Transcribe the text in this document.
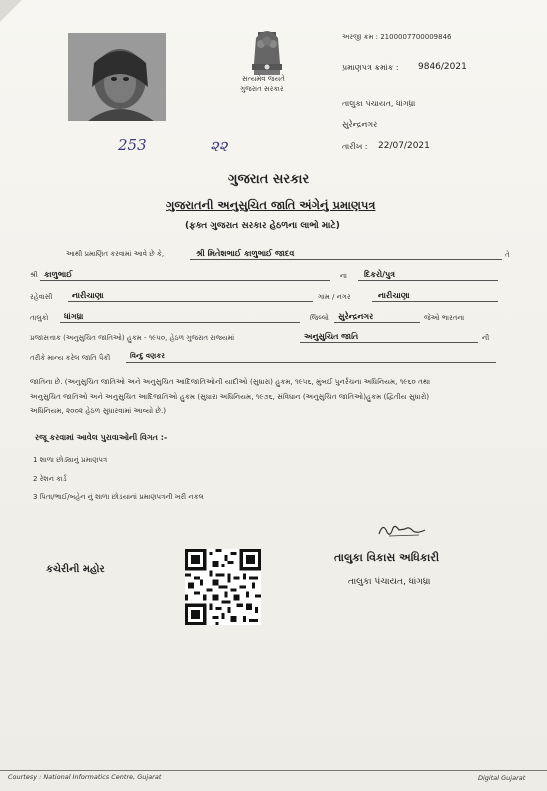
સત્યમેવ જયતે
ગુજરાત સરકાર
અરજી ક્રમ : 2100007700009846
પ્રમાણપત્ર ક્રમાંક : 9846/2021
તાલુકા પંચાયત, ધાંગધ્રા
સુરેન્દ્રનગર
તારીખ : 22/07/2021
253	૨૨
ગુજરાત સરકાર
ગુજરાતની અનુસુચિત જાતિ અંગેનું પ્રમાણપત્ર
(ફક્ત ગુજરાત સરકાર હેઠળના લાભો માટે)
આથી પ્રમાણિત કરવામાં આવે છે કે,	શ્રી મિતેશભાઈ કાળુભાઈ જાદવ	તે
શ્રી કાળુભાઈ	ના દિકરો/પુત્ર
રહેવાસી નારીચાણા	ગામ / નગર	નારીચાણા
તાલુકો ધાંગધ્રા	જિલ્લો સુરેન્દ્રનગર	જેઓ ભારતના
પ્રજાસત્તાક (અનુસુચિત જાતિઓ) હુકમ - ૧૯૫૦, હેઠળ ગુજરાત રાજ્યમાં	અનુસુચિત જાતિ	ની
તરીકે માન્ય કરેલ જાતિ પૈકી	વિન્દુ વણકર
જાતિના છે. (અનુસુચિત જાતિઓ અને અનુસુચિત આદિજાતિઓની યાદીઓ (સુધારા) હુકમ, ૧૯૫૬, મુંબઈ પુનર્રચના અધિનિયમ, ૧૯૬૦ તથા
અનુસુચિત જાતિઓ અને અનુસુચિત આદિજાતિઓ હુકમ (સુધારા અધિનિયમ, ૧૯૭૬, સંવિધાન (અનુસુચિત જાતિઓ)હુકમ (દ્વિતીય સુધારો)
અધિનિયમ, ૨૦૦૨ હેઠળ સુધારવામાં આવ્યો છે.)
રજૂ કરવામાં આવેલ પુરાવાઓની વિગત :-
1 શાળા છોડ્યાનું પ્રમાણપત્ર
2 રેશન કાર્ડ
3 પિતા/ભાઈ/બહેન નું શાળા છોડયાનાં પ્રમાણપત્રની ખરી નકલ
કચેરીની મહોર
તાલુકા વિકાસ અધિકારી
તાલુકા પંચાયત, ધાંગધ્રા
Courtesy : National Informatics Centre, Gujarat	Digital Gujarat
